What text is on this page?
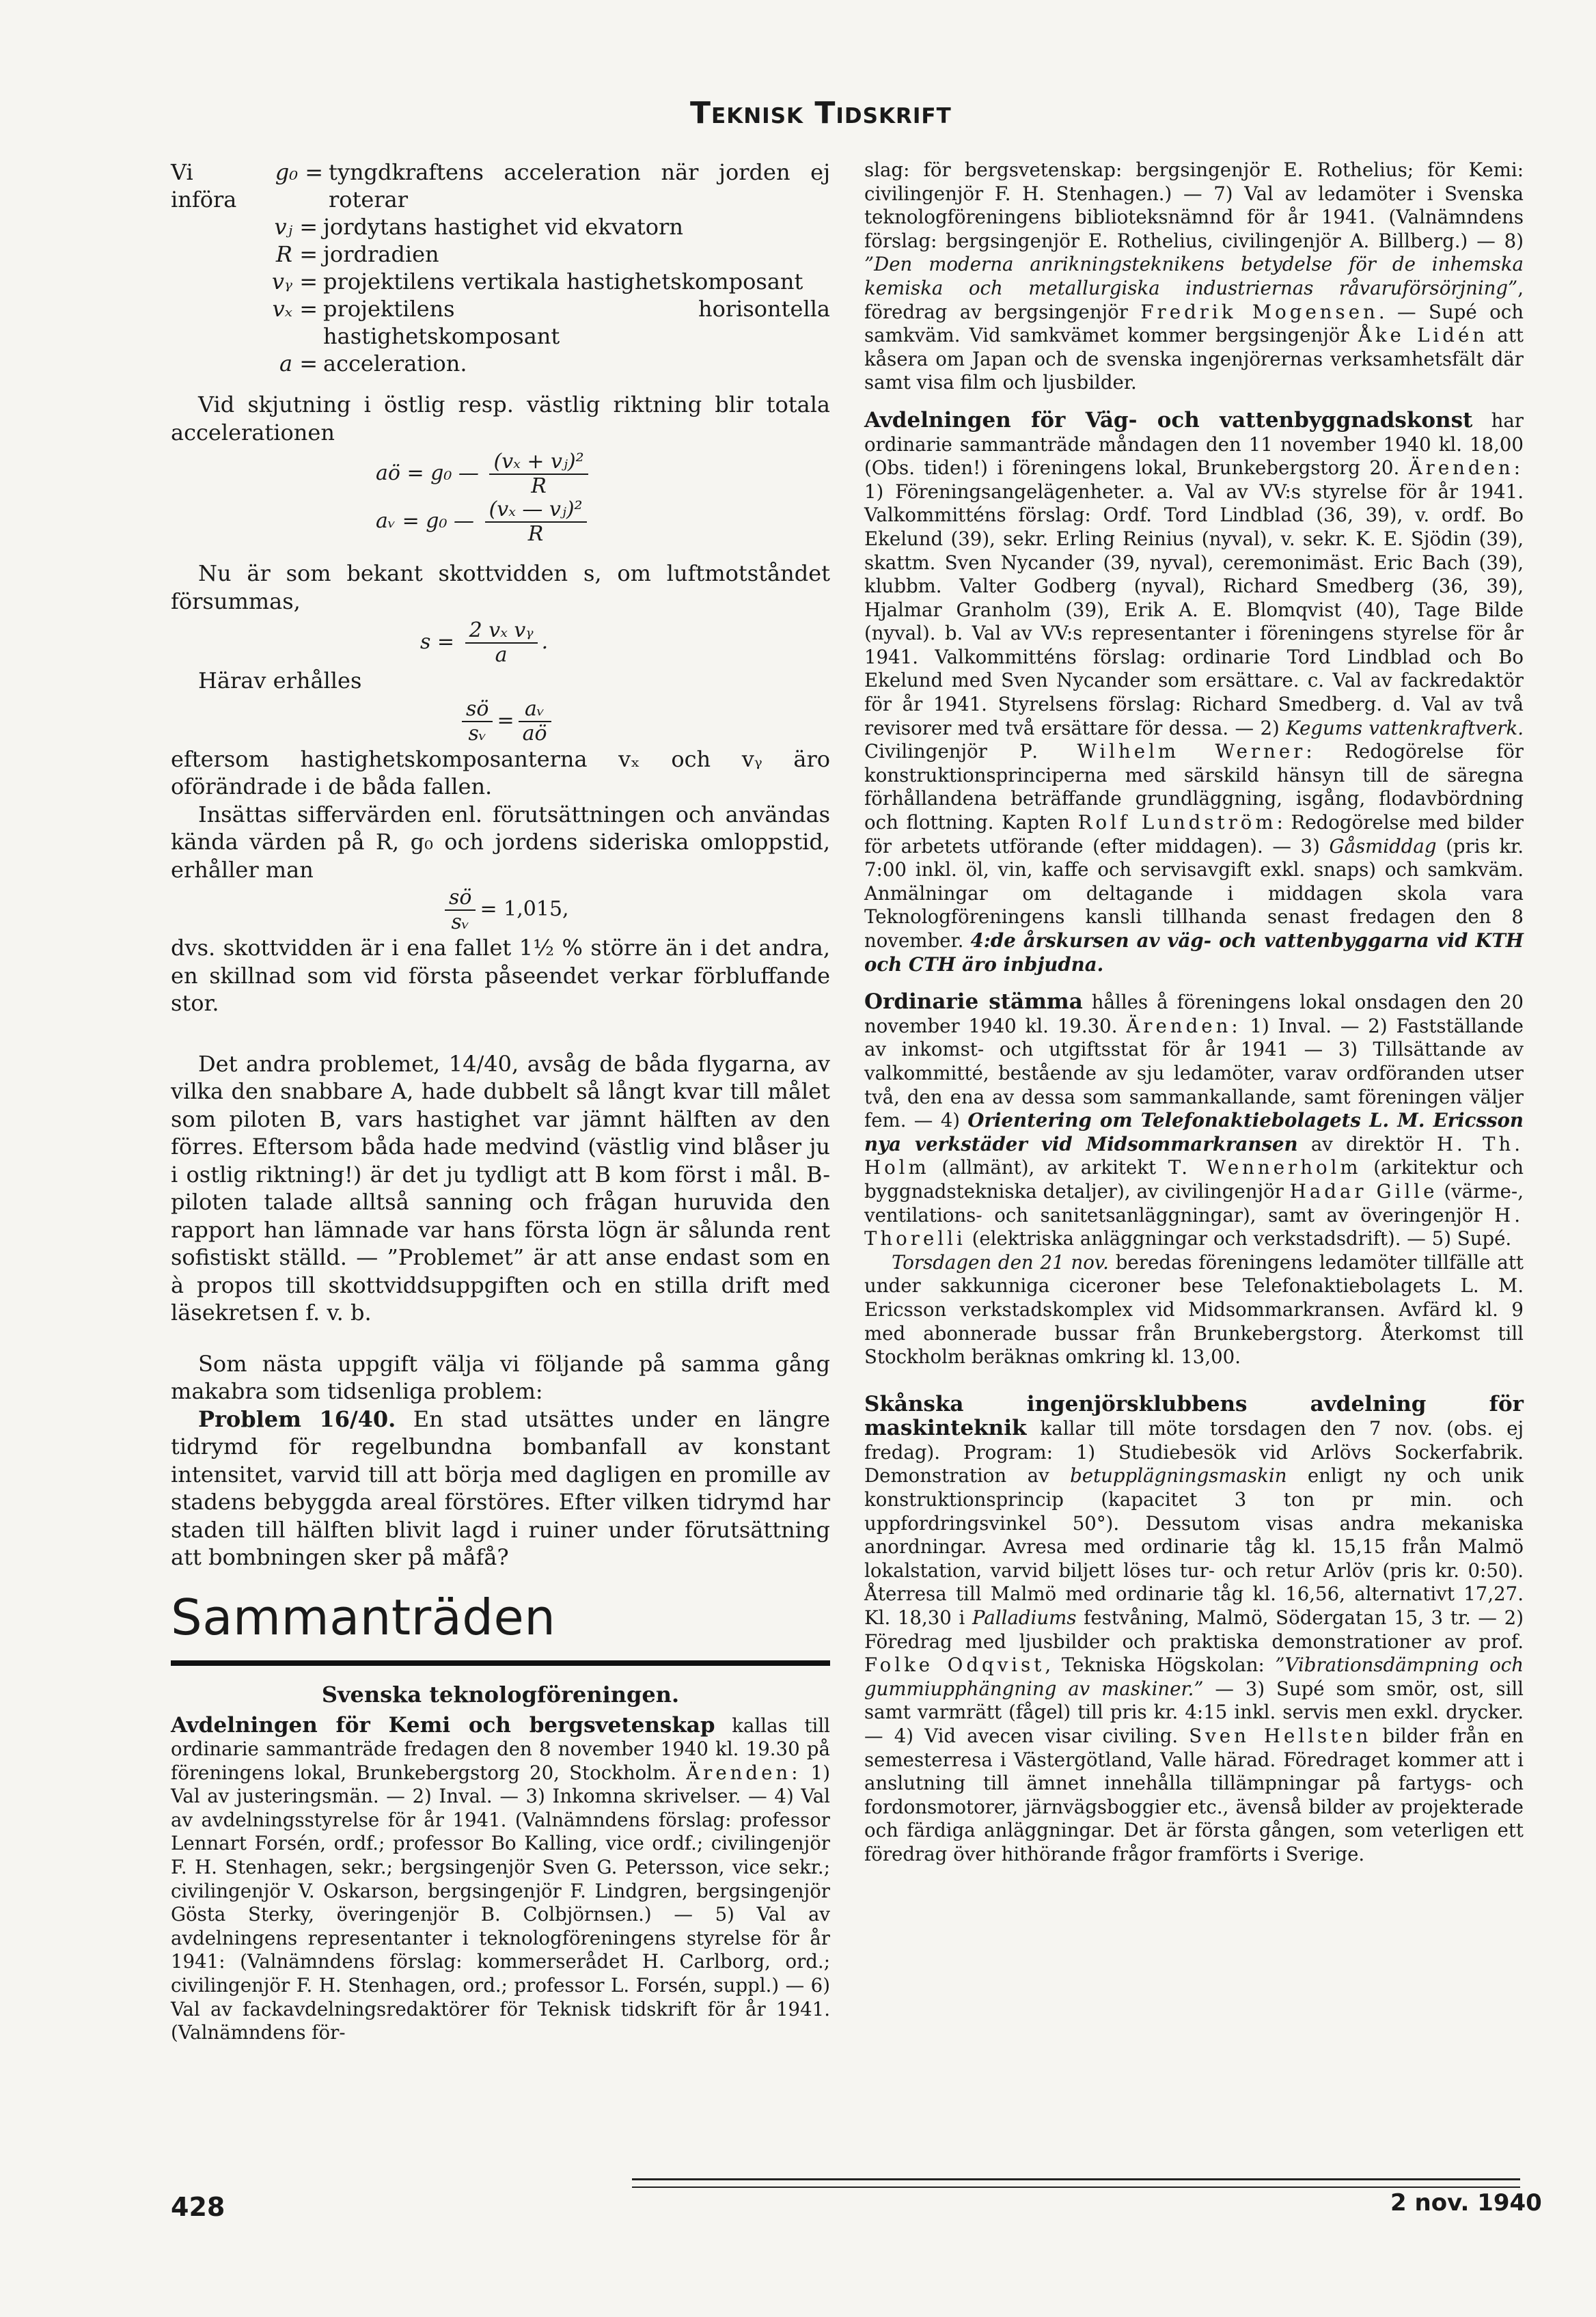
Teknisk Tidskrift
Vi införa
g₀ = tyngdkraftens acceleration när jorden ej roterar
vⱼ = jordytans hastighet vid ekvatorn
R = jordradien
vᵧ = projektilens vertikala hastighetskomposant
vₓ = projektilens horisontella hastighetskomposant
a = acceleration.

Vid skjutning i östlig resp. västlig riktning blir totala accelerationen

aö = g₀ — $\frac{\text{(vₓ + vⱼ)²}}{R}$
aᵥ = g₀ — $\frac{\text{(vₓ — vⱼ)²}}{R}$

Nu är som bekant skottvidden s, om luftmotståndet försummas,

$s = \frac{\text{2 vₓ vᵧ}}{a}$ .

Härav erhålles

$\frac{sö}{\text{sᵥ}} = \frac{\text{aᵥ}}{aö}$

eftersom hastighetskomposanterna vₓ och vᵧ äro oförändrade i de båda fallen.

Insättas siffervärden enl. förutsättningen och användas kända värden på R, g₀ och jordens sideriska omloppstid, erhåller man

$\frac{sö}{\text{sᵥ}} = 1,015$,

dvs. skottvidden är i ena fallet 1½ % större än i det andra, en skillnad som vid första påseendet verkar förbluffande stor.

Det andra problemet, 14/40, avsåg de båda flygarna, av vilka den snabbare A, hade dubbelt så långt kvar till målet som piloten B, vars hastighet var jämnt hälften av den förres. Eftersom båda hade medvind (västlig vind blåser ju i ostlig riktning!) är det ju tydligt att B kom först i mål. B-piloten talade alltså sanning och frågan huruvida den rapport han lämnade var hans första lögn är sålunda rent sofistiskt ställd. — ”Problemet” är att anse endast som en à propos till skottviddsuppgiften och en stilla drift med läsekretsen f. v. b.

Som nästa uppgift välja vi följande på samma gång makabra som tidsenliga problem:

Problem 16/40. En stad utsättes under en längre tidrymd för regelbundna bombanfall av konstant intensitet, varvid till att börja med dagligen en promille av stadens bebyggda areal förstöres. Efter vilken tidrymd har staden till hälften blivit lagd i ruiner under förutsättning att bombningen sker på måfå?

Sammanträden
Svenska teknologföreningen.

Avdelningen för Kemi och bergsvetenskap kallas till ordinarie sammanträde fredagen den 8 november 1940 kl. 19.30 på föreningens lokal, Brunkebergstorg 20, Stockholm. Ärenden: 1) Val av justeringsmän. — 2) Inval. — 3) Inkomna skrivelser. — 4) Val av avdelningsstyrelse för år 1941. (Valnämndens förslag: professor Lennart Forsén, ordf.; professor Bo Kalling, vice ordf.; civilingenjör F. H. Stenhagen, sekr.; bergsingenjör Sven G. Petersson, vice sekr.; civilingenjör V. Oskarson, bergsingenjör F. Lindgren, bergsingenjör Gösta Sterky, överingenjör B. Colbjörnsen.) — 5) Val av avdelningens representanter i teknologföreningens styrelse för år 1941: (Valnämndens förslag: kommerserådet H. Carlborg, ord.; civilingenjör F. H. Stenhagen, ord.; professor L. Forsén, suppl.) — 6) Val av fackavdelningsredaktörer för Teknisk tidskrift för år 1941. (Valnämndens för-

slag: för bergsvetenskap: bergsingenjör E. Rothelius; för Kemi: civilingenjör F. H. Stenhagen.) — 7) Val av ledamöter i Svenska teknologföreningens biblioteksnämnd för år 1941. (Valnämndens förslag: bergsingenjör E. Rothelius, civilingenjör A. Billberg.) — 8) ”Den moderna anrikningsteknikens betydelse för de inhemska kemiska och metallurgiska industriernas råvaruförsörjning”, föredrag av bergsingenjör Fredrik Mogensen. — Supé och samkväm. Vid samkvämet kommer bergsingenjör Åke Lidén att kåsera om Japan och de svenska ingenjörernas verksamhetsfält där samt visa film och ljusbilder.

Avdelningen för Väg- och vattenbyggnadskonst har ordinarie sammanträde måndagen den 11 november 1940 kl. 18,00 (Obs. tiden!) i föreningens lokal, Brunkebergstorg 20. Ärenden: 1) Föreningsangelägenheter. a. Val av VV:s styrelse för år 1941. Valkommitténs förslag: Ordf. Tord Lindblad (36, 39), v. ordf. Bo Ekelund (39), sekr. Erling Reinius (nyval), v. sekr. K. E. Sjödin (39), skattm. Sven Nycander (39, nyval), ceremonimäst. Eric Bach (39), klubbm. Valter Godberg (nyval), Richard Smedberg (36, 39), Hjalmar Granholm (39), Erik A. E. Blomqvist (40), Tage Bilde (nyval). b. Val av VV:s representanter i föreningens styrelse för år 1941. Valkommitténs förslag: ordinarie Tord Lindblad och Bo Ekelund med Sven Nycander som ersättare. c. Val av fackredaktör för år 1941. Styrelsens förslag: Richard Smedberg. d. Val av två revisorer med två ersättare för dessa. — 2) Kegums vattenkraftverk. Civilingenjör P. Wilhelm Werner: Redogörelse för konstruktionsprinciperna med särskild hänsyn till de säregna förhållandena beträffande grundläggning, isgång, flodavbördning och flottning. Kapten Rolf Lundström: Redogörelse med bilder för arbetets utförande (efter middagen). — 3) Gåsmiddag (pris kr. 7:00 inkl. öl, vin, kaffe och servisavgift exkl. snaps) och samkväm. Anmälningar om deltagande i middagen skola vara Teknologföreningens kansli tillhanda senast fredagen den 8 november. 4:de årskursen av väg- och vattenbyggarna vid KTH och CTH äro inbjudna.

Ordinarie stämma hålles å föreningens lokal onsdagen den 20 november 1940 kl. 19.30. Ärenden: 1) Inval. — 2) Fastställande av inkomst- och utgiftsstat för år 1941 — 3) Tillsättande av valkommitté, bestående av sju ledamöter, varav ordföranden utser två, den ena av dessa som sammankallande, samt föreningen väljer fem. — 4) Orientering om Telefonaktiebolagets L. M. Ericsson nya verkstäder vid Midsommarkransen av direktör H. Th. Holm (allmänt), av arkitekt T. Wennerholm (arkitektur och byggnadstekniska detaljer), av civilingenjör Hadar Gille (värme-, ventilations- och sanitetsanläggningar), samt av överingenjör H. Thorelli (elektriska anläggningar och verkstadsdrift). — 5) Supé.

Torsdagen den 21 nov. beredas föreningens ledamöter tillfälle att under sakkunniga ciceroner bese Telefonaktiebolagets L. M. Ericsson verkstadskomplex vid Midsommarkransen. Avfärd kl. 9 med abonnerade bussar från Brunkebergstorg. Återkomst till Stockholm beräknas omkring kl. 13,00.

Skånska ingenjörsklubbens avdelning för maskinteknik kallar till möte torsdagen den 7 nov. (obs. ej fredag). Program: 1) Studiebesök vid Arlövs Sockerfabrik. Demonstration av betupplägningsmaskin enligt ny och unik konstruktionsprincip (kapacitet 3 ton pr min. och uppfordringsvinkel 50°). Dessutom visas andra mekaniska anordningar. Avresa med ordinarie tåg kl. 15,15 från Malmö lokalstation, varvid biljett löses tur- och retur Arlöv (pris kr. 0:50). Återresa till Malmö med ordinarie tåg kl. 16,56, alternativt 17,27. Kl. 18,30 i Palladiums festvåning, Malmö, Södergatan 15, 3 tr. — 2) Föredrag med ljusbilder och praktiska demonstrationer av prof. Folke Odqvist, Tekniska Högskolan: ”Vibrationsdämpning och gummiupphängning av maskiner.” — 3) Supé som smör, ost, sill samt varmrätt (fågel) till pris kr. 4:15 inkl. servis men exkl. drycker. — 4) Vid avecen visar civiling. Sven Hellsten bilder från en semesterresa i Västergötland, Valle härad. Föredraget kommer att i anslutning till ämnet innehålla tillämpningar på fartygs- och fordonsmotorer, järnvägsboggier etc., ävenså bilder av projekterade och färdiga anläggningar. Det är första gången, som veterligen ett föredrag över hithörande frågor framförts i Sverige.

428	2 nov. 1940
